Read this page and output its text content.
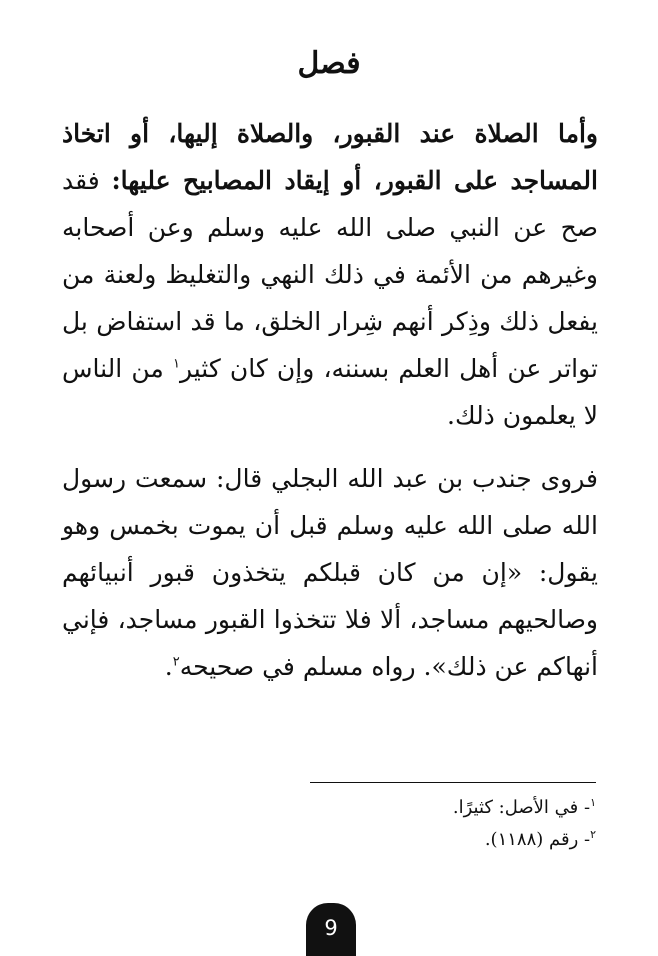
فصل
وأما الصلاة عند القبور، والصلاة إليها، أو اتخاذ المساجد على القبور، أو إيقاد المصابيح عليها: فقد صح عن النبي صلى الله عليه وسلم وعن أصحابه وغيرهم من الأئمة في ذلك النهي والتغليظ ولعنة من يفعل ذلك وذِكر أنهم شِرار الخلق، ما قد استفاض بل تواتر عن أهل العلم بسننه، وإن كان كثير$^١$ من الناس لا يعلمون ذلك.
فروى جندب بن عبد الله البجلي قال: سمعت رسول الله صلى الله عليه وسلم قبل أن يموت بخمس وهو يقول: «إن من كان قبلكم يتخذون قبور أنبيائهم وصالحيهم مساجد، ألا فلا تتخذوا القبور مساجد، فإني أنهاكم عن ذلك». رواه مسلم في صحيحه$^٢$.
$^١$- في الأصل: كثيرًا.
$^٢$- رقم (١١٨٨).
9
